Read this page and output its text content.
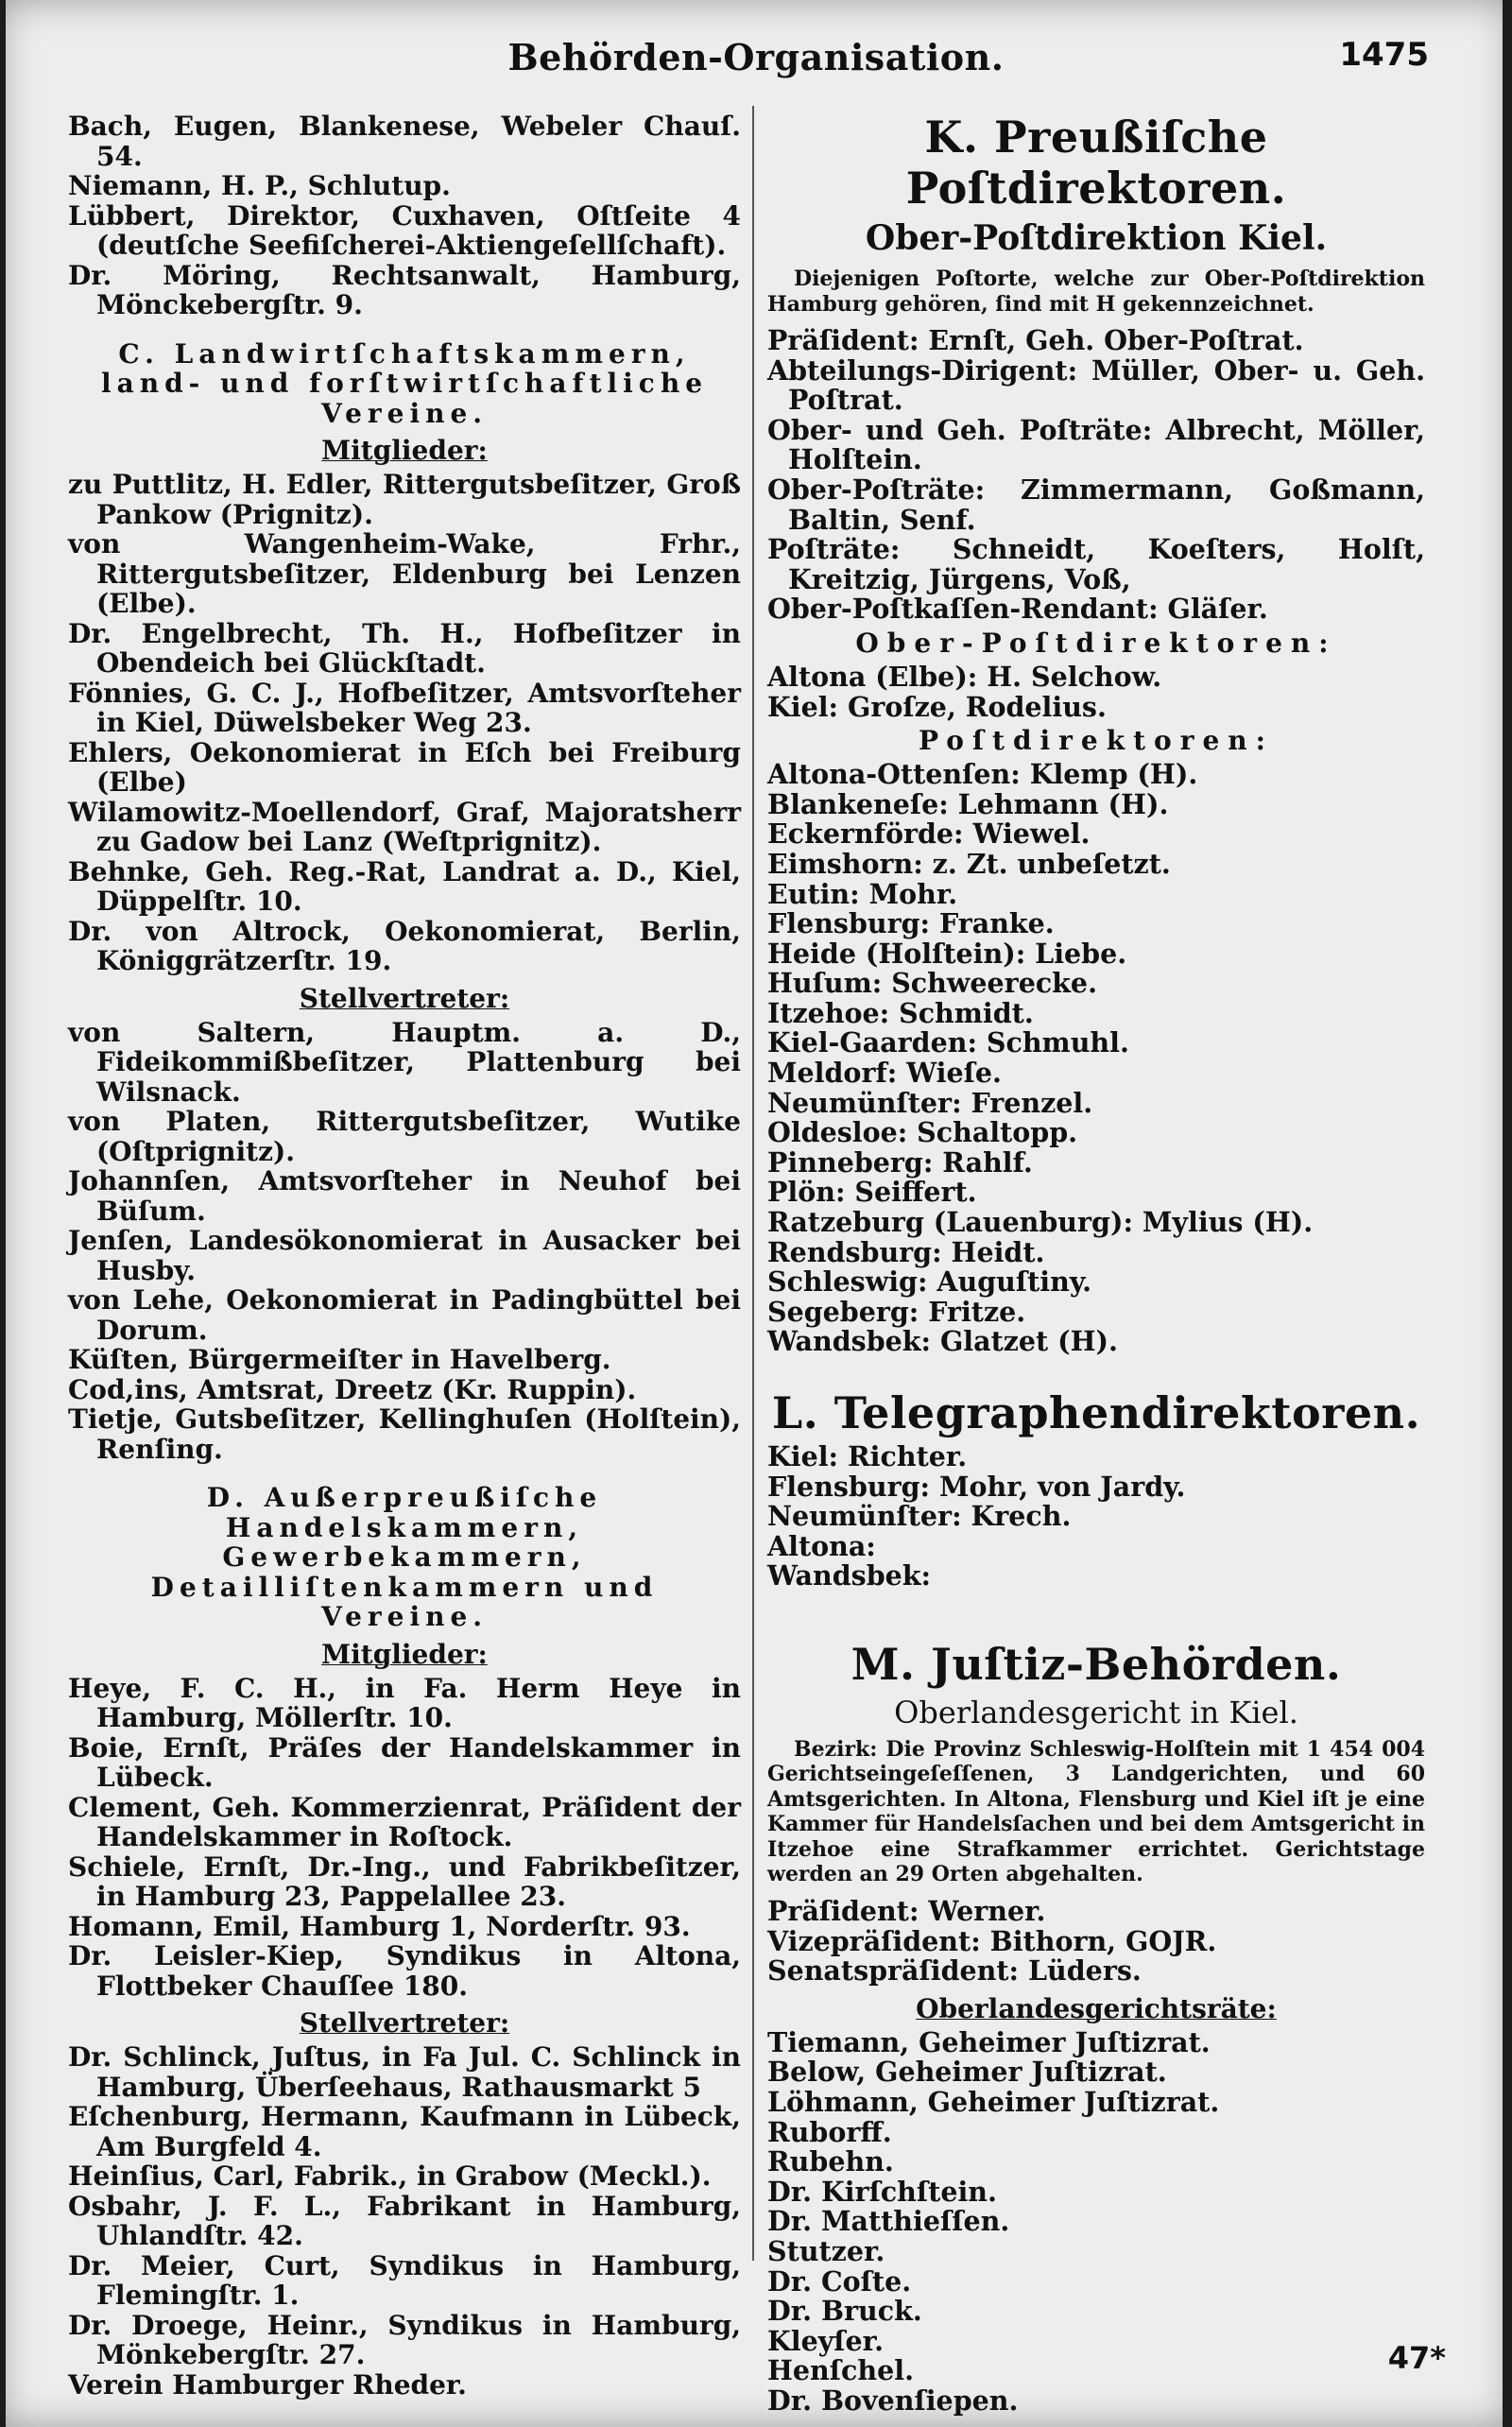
Behörden-Organisation.	1475

Bach, Eugen, Blankenese, Webeler Chauſ. 54.

Niemann, H. P., Schlutup.

Lübbert, Direktor, Cuxhaven, Oſtſeite 4 (deutſche Seefiſcherei-Aktiengeſellſchaft).

Dr. Möring, Rechtsanwalt, Hamburg, Mönckebergſtr. 9.

C. Landwirtſchaftskammern, land- und forſtwirtſchaftliche Vereine.

Mitglieder:

zu Puttlitz, H. Edler, Rittergutsbeſitzer, Groß Pankow (Prignitz).

von Wangenheim-Wake, Frhr., Rittergutsbeſitzer, Eldenburg bei Lenzen (Elbe).

Dr. Engelbrecht, Th. H., Hofbeſitzer in Obendeich bei Glückſtadt.

Fönnies, G. C. J., Hofbeſitzer, Amtsvorſteher in Kiel, Düwelsbeker Weg 23.

Ehlers, Oekonomierat in Eſch bei Freiburg (Elbe)

Wilamowitz-Moellendorf, Graf, Majoratsherr zu Gadow bei Lanz (Weſtprignitz).

Behnke, Geh. Reg.-Rat, Landrat a. D., Kiel, Düppelſtr. 10.

Dr. von Altrock, Oekonomierat, Berlin, Königgrätzerſtr. 19.

Stellvertreter:

von Saltern, Hauptm. a. D., Fideikommißbeſitzer, Plattenburg bei Wilsnack.

von Platen, Rittergutsbeſitzer, Wutike (Oſtprignitz).

Johannſen, Amtsvorſteher in Neuhof bei Büſum.

Jenſen, Landesökonomierat in Ausacker bei Husby.

von Lehe, Oekonomierat in Padingbüttel bei Dorum.

Küſten, Bürgermeiſter in Havelberg.

Cod,ins, Amtsrat, Dreetz (Kr. Ruppin).

Tietje, Gutsbeſitzer, Kellinghuſen (Holſtein), Renſing.

D. Außerpreußiſche Handelskammern, Gewerbekammern, Detailliſtenkammern und Vereine.

Mitglieder:

Heye, F. C. H., in Fa. Herm Heye in Hamburg, Möllerſtr. 10.

Boie, Ernſt, Präſes der Handelskammer in Lübeck.

Clement, Geh. Kommerzienrat, Präſident der Handelskammer in Roſtock.

Schiele, Ernſt, Dr.-Ing., und Fabrikbeſitzer, in Hamburg 23, Pappelallee 23.

Homann, Emil, Hamburg 1, Norderſtr. 93.

Dr. Leisler-Kiep, Syndikus in Altona, Flottbeker Chauſſee 180.

Stellvertreter:

Dr. Schlinck, Juſtus, in Fa Jul. C. Schlinck in Hamburg, Überſeehaus, Rathausmarkt 5

Eſchenburg, Hermann, Kaufmann in Lübeck, Am Burgfeld 4.

Heinſius, Carl, Fabrik., in Grabow (Meckl.).

Osbahr, J. F. L., Fabrikant in Hamburg, Uhlandſtr. 42.

Dr. Meier, Curt, Syndikus in Hamburg, Flemingſtr. 1.

Dr. Droege, Heinr., Syndikus in Hamburg, Mönkebergſtr. 27.

Verein Hamburger Rheder.

K. Preußiſche Poſtdirektoren.

Ober-Poſtdirektion Kiel.

Diejenigen Poſtorte, welche zur Ober-Poſtdirektion Hamburg gehören, ſind mit H gekennzeichnet.

Präſident: Ernſt, Geh. Ober-Poſtrat.

Abteilungs-Dirigent: Müller, Ober- u. Geh. Poſtrat.

Ober- und Geh. Poſträte: Albrecht, Möller, Holſtein.

Ober-Poſträte: Zimmermann, Goßmann, Baltin, Senf.

Poſträte: Schneidt, Koeſters, Holſt, Kreitzig, Jürgens, Voß,

Ober-Poſtkaſſen-Rendant: Gläſer.

Ober-Poſtdirektoren:

Altona (Elbe): H. Selchow.

Kiel: Groſze, Rodelius.

Poſtdirektoren:

Altona-Ottenſen: Klemp (H).

Blankeneſe: Lehmann (H).

Eckernförde: Wiewel.

Eimshorn: z. Zt. unbeſetzt.

Eutin: Mohr.

Flensburg: Franke.

Heide (Holſtein): Liebe.

Huſum: Schweerecke.

Itzehoe: Schmidt.

Kiel-Gaarden: Schmuhl.

Meldorf: Wieſe.

Neumünſter: Frenzel.

Oldesloe: Schaltopp.

Pinneberg: Rahlf.

Plön: Seiffert.

Ratzeburg (Lauenburg): Mylius (H).

Rendsburg: Heidt.

Schleswig: Auguſtiny.

Segeberg: Fritze.

Wandsbek: Glatzet (H).

L. Telegraphendirektoren.

Kiel: Richter.

Flensburg: Mohr, von Jardy.

Neumünſter: Krech.

Altona:

Wandsbek:

M. Juſtiz-Behörden.

Oberlandesgericht in Kiel.

Bezirk: Die Provinz Schleswig-Holſtein mit 1 454 004 Gerichtseingeſeſſenen, 3 Landgerichten, und 60 Amtsgerichten. In Altona, Flensburg und Kiel iſt je eine Kammer für Handelsſachen und bei dem Amtsgericht in Itzehoe eine Strafkammer errichtet. Gerichtstage werden an 29 Orten abgehalten.

Präſident: Werner.

Vizepräſident: Bithorn, GOJR.

Senatspräſident: Lüders.

Oberlandesgerichtsräte:

Tiemann, Geheimer Juſtizrat.

Below, Geheimer Juſtizrat.

Löhmann, Geheimer Juſtizrat.

Ruborff.

Rubehn.

Dr. Kirſchſtein.

Dr. Matthieſſen.

Stutzer.

Dr. Coſte.

Dr. Bruck.

Kleyſer.

Henſchel.

Dr. Bovenſiepen.

47*
